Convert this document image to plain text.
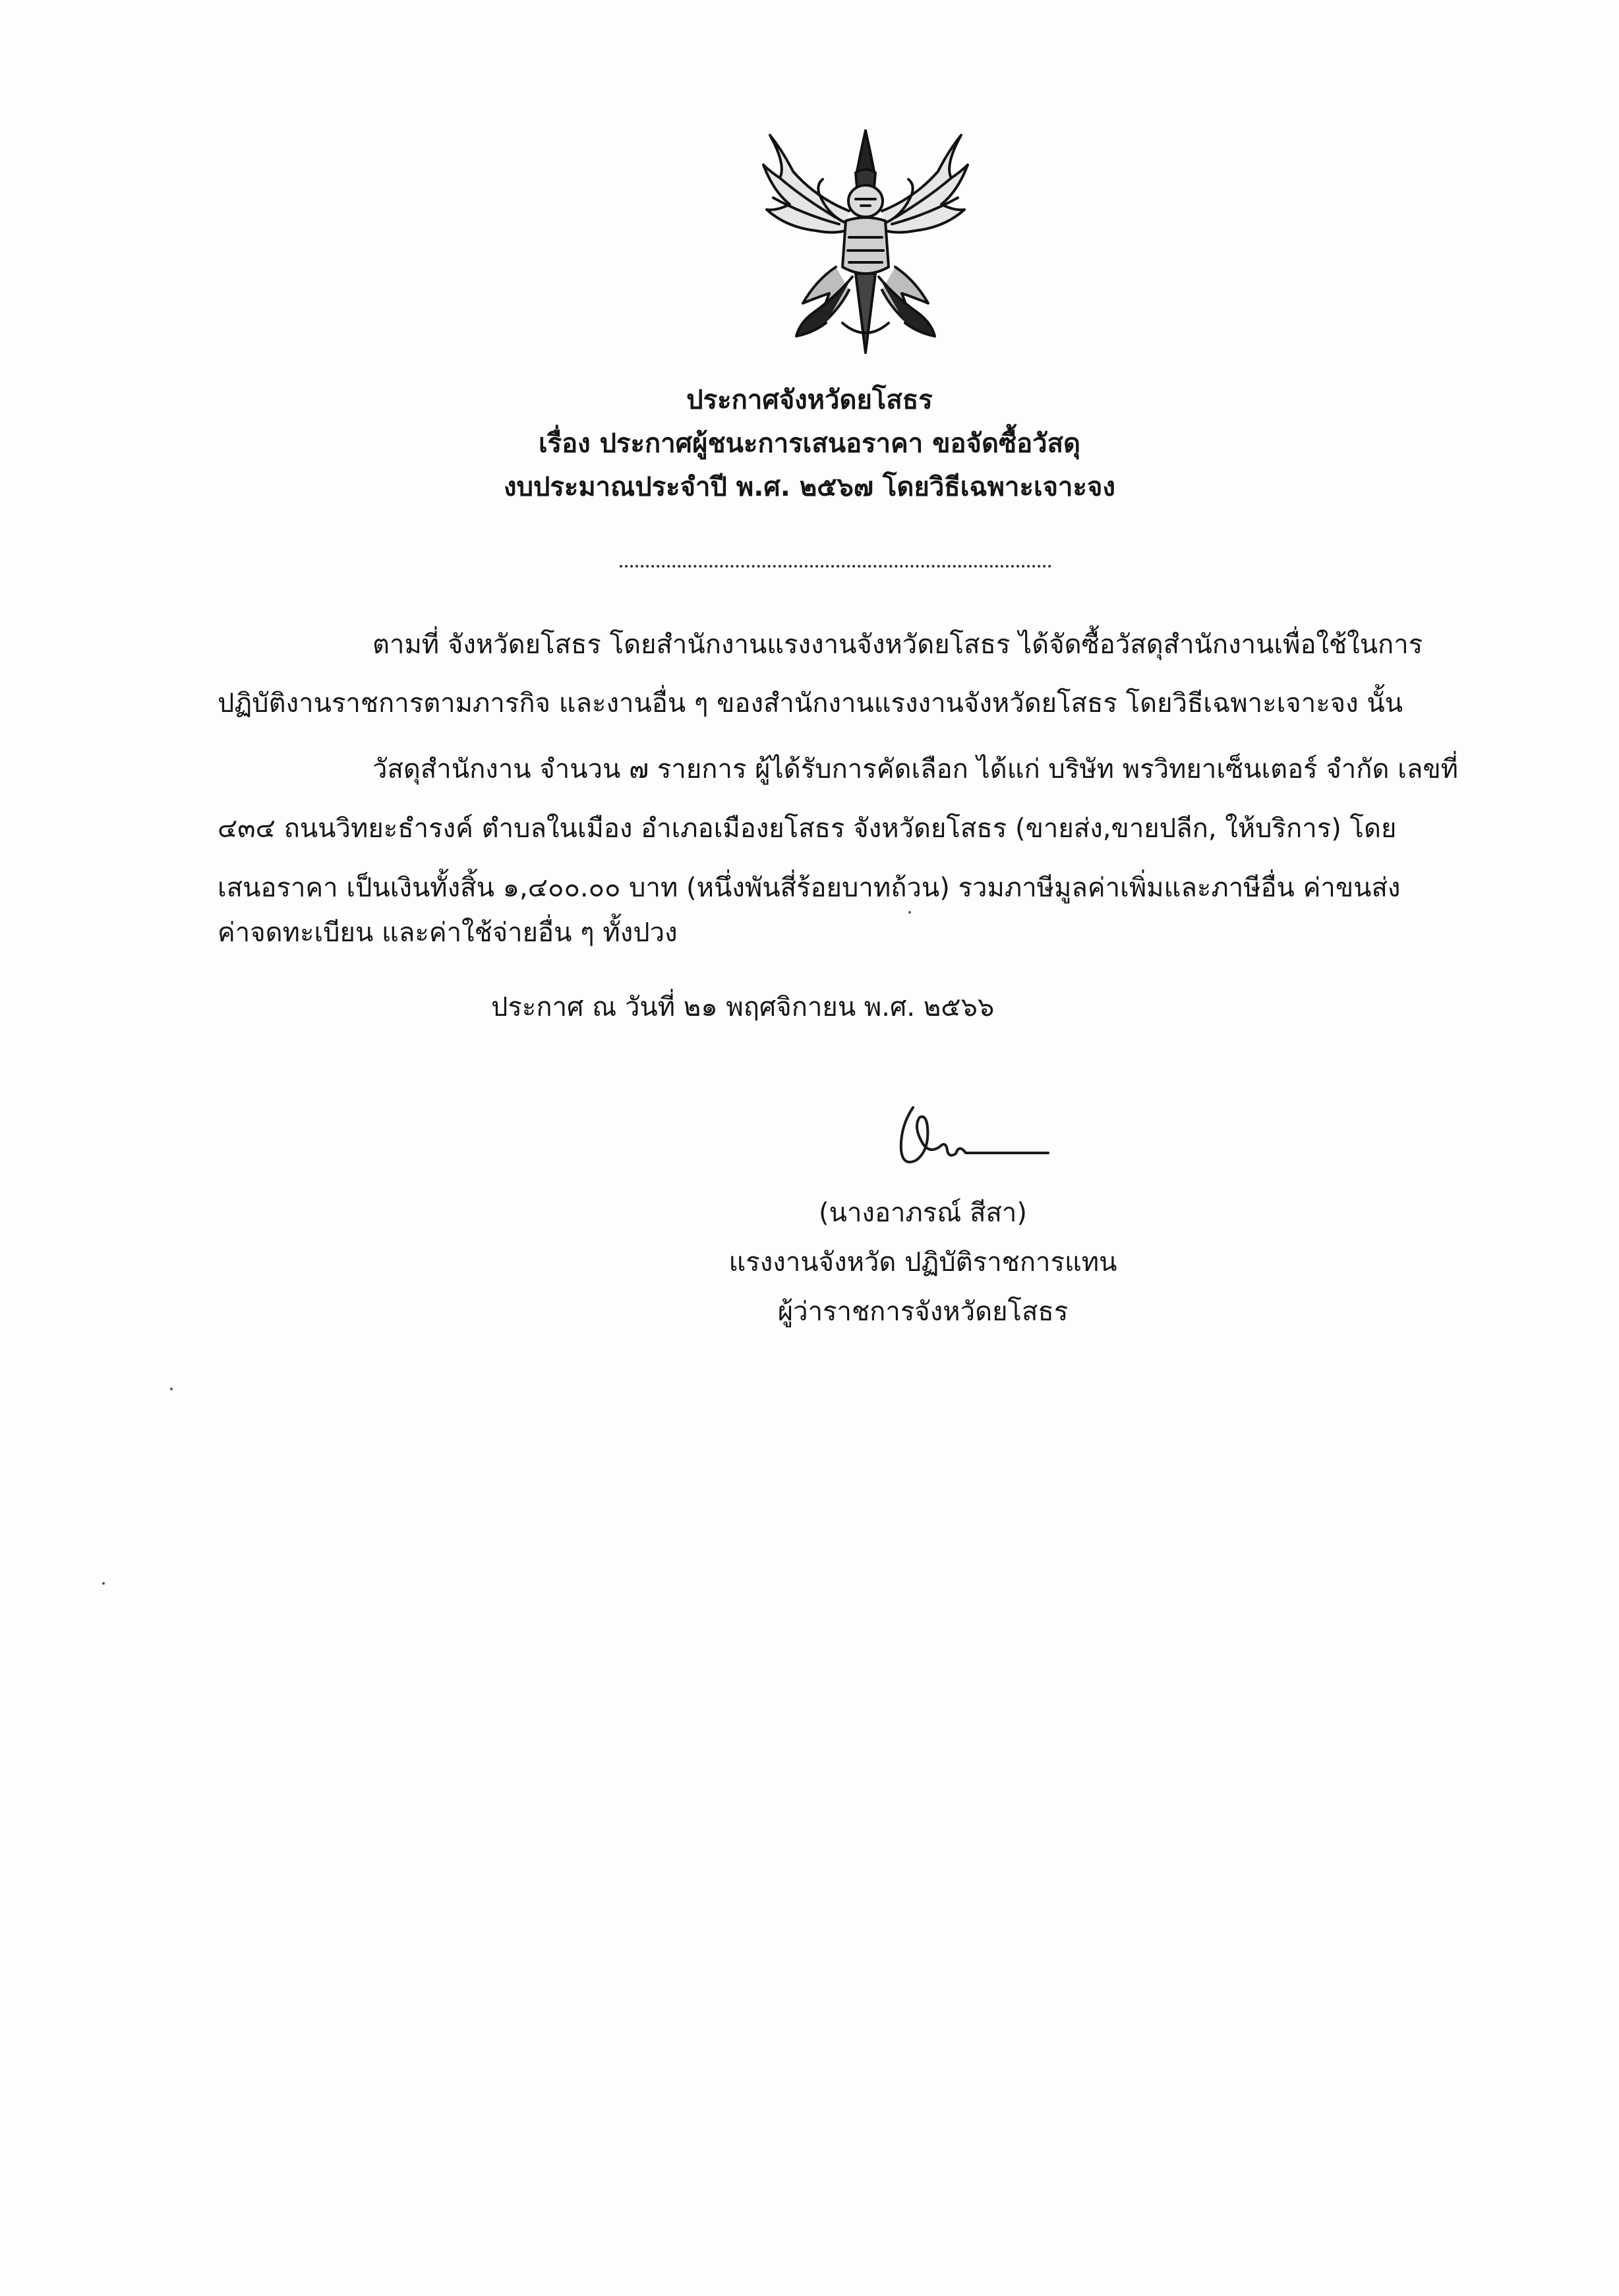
ประกาศจังหวัดยโสธร
เรื่อง ประกาศผู้ชนะการเสนอราคา ขอจัดซื้อวัสดุ
งบประมาณประจำปี พ.ศ. ๒๕๖๗ โดยวิธีเฉพาะเจาะจง
ตามที่ จังหวัดยโสธร โดยสำนักงานแรงงานจังหวัดยโสธร ได้จัดซื้อวัสดุสำนักงานเพื่อใช้ในการ
ปฏิบัติงานราชการตามภารกิจ และงานอื่น ๆ ของสำนักงานแรงงานจังหวัดยโสธร โดยวิธีเฉพาะเจาะจง นั้น
วัสดุสำนักงาน จำนวน ๗ รายการ ผู้ได้รับการคัดเลือก ได้แก่ บริษัท พรวิทยาเซ็นเตอร์ จำกัด เลขที่
๔๓๔ ถนนวิทยะธำรงค์ ตำบลในเมือง อำเภอเมืองยโสธร จังหวัดยโสธร (ขายส่ง,ขายปลีก, ให้บริการ) โดย
เสนอราคา เป็นเงินทั้งสิ้น ๑,๔๐๐.๐๐ บาท (หนึ่งพันสี่ร้อยบาทถ้วน) รวมภาษีมูลค่าเพิ่มและภาษีอื่น ค่าขนส่ง
ค่าจดทะเบียน และค่าใช้จ่ายอื่น ๆ ทั้งปวง
ประกาศ ณ วันที่ ๒๑ พฤศจิกายน พ.ศ. ๒๕๖๖
(นางอาภรณ์ สีสา)
แรงงานจังหวัด ปฏิบัติราชการแทน
ผู้ว่าราชการจังหวัดยโสธร
